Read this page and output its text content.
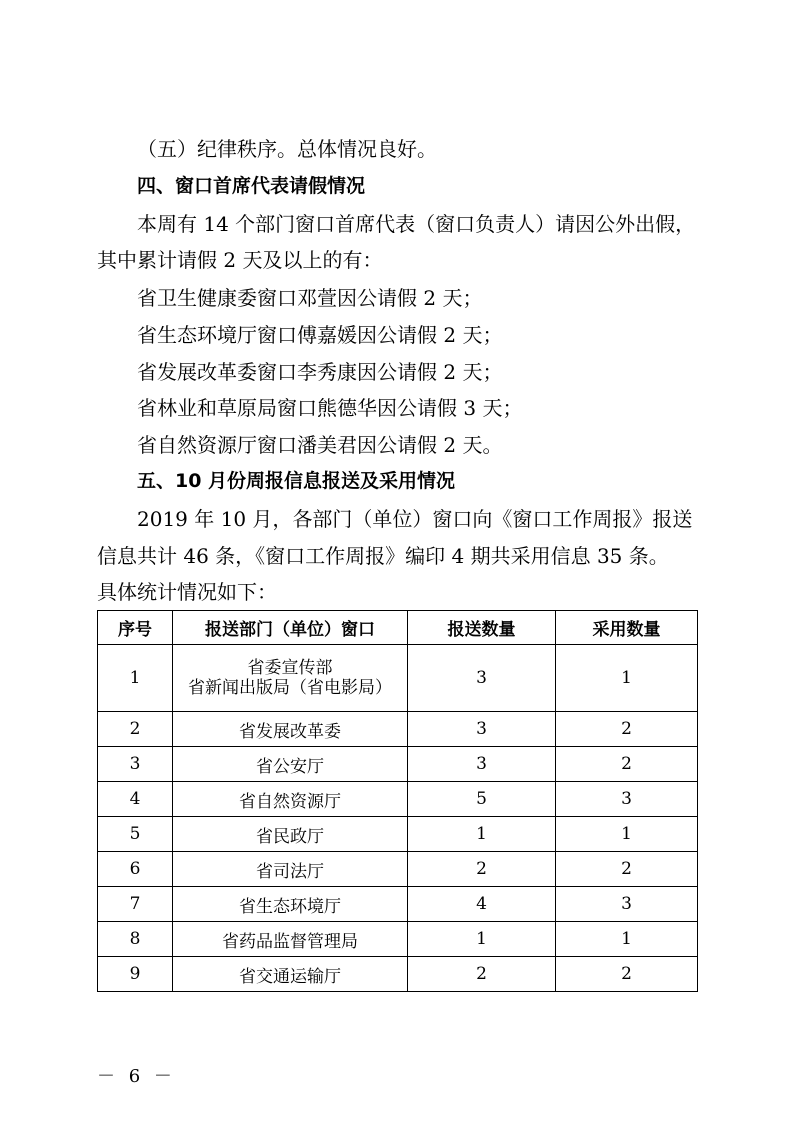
（五）纪律秩序。总体情况良好。
四、窗口首席代表请假情况
本周有 14 个部门窗口首席代表（窗口负责人）请因公外出假，
其中累计请假 2 天及以上的有：
省卫生健康委窗口邓萱因公请假 2 天；
省生态环境厅窗口傅嘉媛因公请假 2 天；
省发展改革委窗口李秀康因公请假 2 天；
省林业和草原局窗口熊德华因公请假 3 天；
省自然资源厅窗口潘美君因公请假 2 天。
五、10 月份周报信息报送及采用情况
2019 年 10 月，各部门（单位）窗口向《窗口工作周报》报送
信息共计 46 条，《窗口工作周报》编印 4 期共采用信息 35 条。
具体统计情况如下：
序号	报送部门（单位）窗口	报送数量	采用数量
1	省委宣传部
省新闻出版局（省电影局）	3	1
2	省发展改革委	3	2
3	省公安厅	3	2
4	省自然资源厅	5	3
5	省民政厅	1	1
6	省司法厅	2	2
7	省生态环境厅	4	3
8	省药品监督管理局	1	1
9	省交通运输厅	2	2
－ 6 －
